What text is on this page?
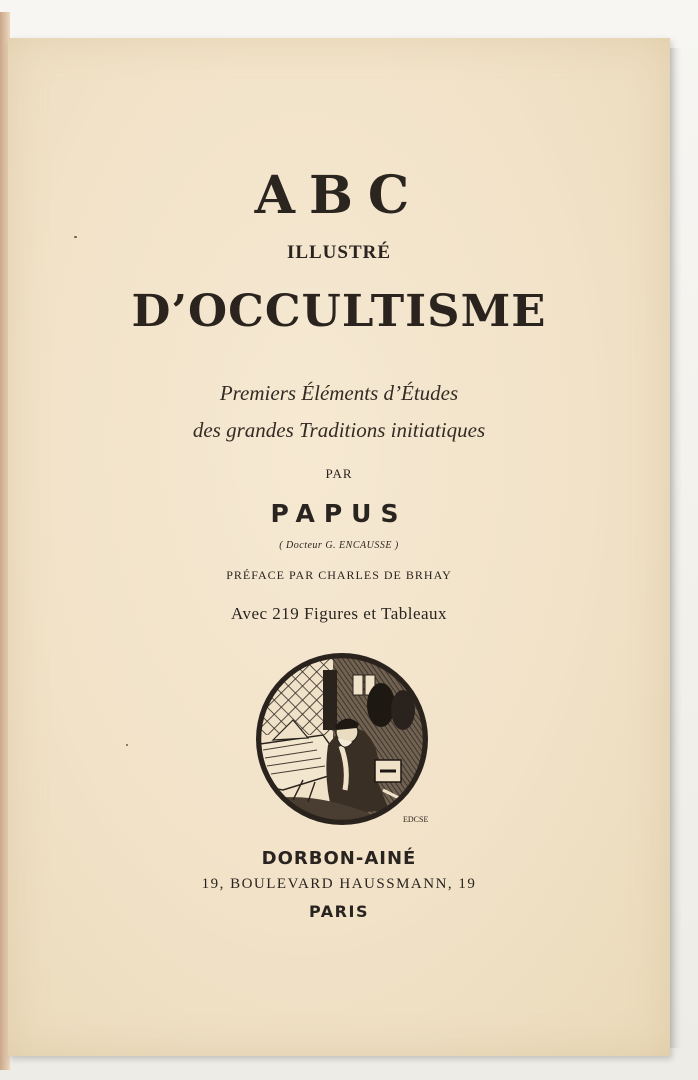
ABC
ILLUSTRÉ
D’OCCULTISME
Premiers Éléments d’Études
des grandes Traditions initiatiques
PAR
PAPUS
( Docteur G. ENCAUSSE )
PRÉFACE PAR CHARLES DE BRHAY
Avec 219 Figures et Tableaux
EDCSE
DORBON-AINÉ
19, BOULEVARD HAUSSMANN, 19
PARIS
